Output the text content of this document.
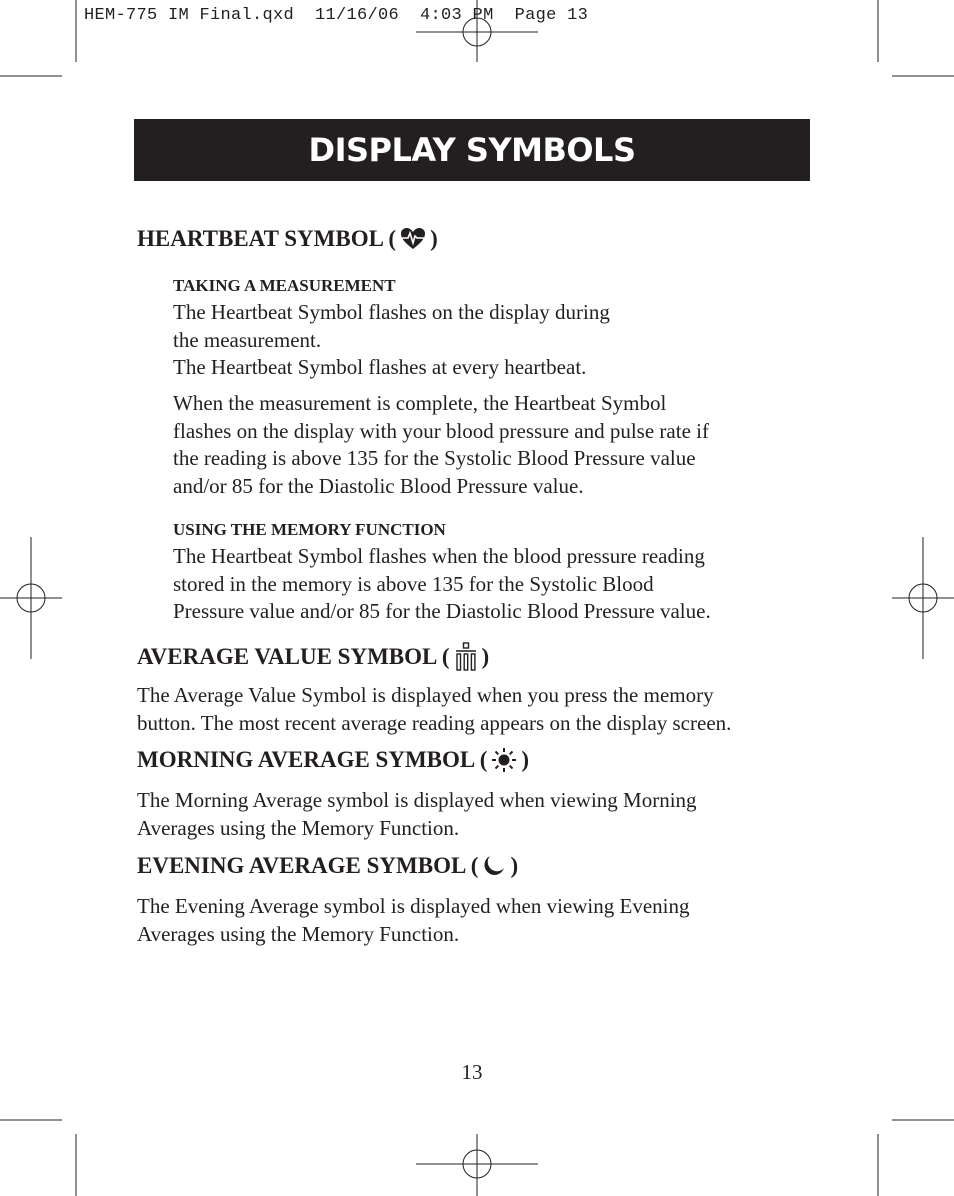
HEM-775 IM Final.qxd  11/16/06  4:03 PM  Page 13
DISPLAY SYMBOLS
HEARTBEAT SYMBOL ( )
TAKING A MEASUREMENT
The Heartbeat Symbol flashes on the display during
the measurement.
The Heartbeat Symbol flashes at every heartbeat.
When the measurement is complete, the Heartbeat Symbol
flashes on the display with your blood pressure and pulse rate if
the reading is above 135 for the Systolic Blood Pressure value
and/or 85 for the Diastolic Blood Pressure value.
USING THE MEMORY FUNCTION
The Heartbeat Symbol flashes when the blood pressure reading
stored in the memory is above 135 for the Systolic Blood
Pressure value and/or 85 for the Diastolic Blood Pressure value.
AVERAGE VALUE SYMBOL ( )
The Average Value Symbol is displayed when you press the memory
button. The most recent average reading appears on the display screen.
MORNING AVERAGE SYMBOL ( )
The Morning Average symbol is displayed when viewing Morning
Averages using the Memory Function.
EVENING AVERAGE SYMBOL ( )
The Evening Average symbol is displayed when viewing Evening
Averages using the Memory Function.
13
